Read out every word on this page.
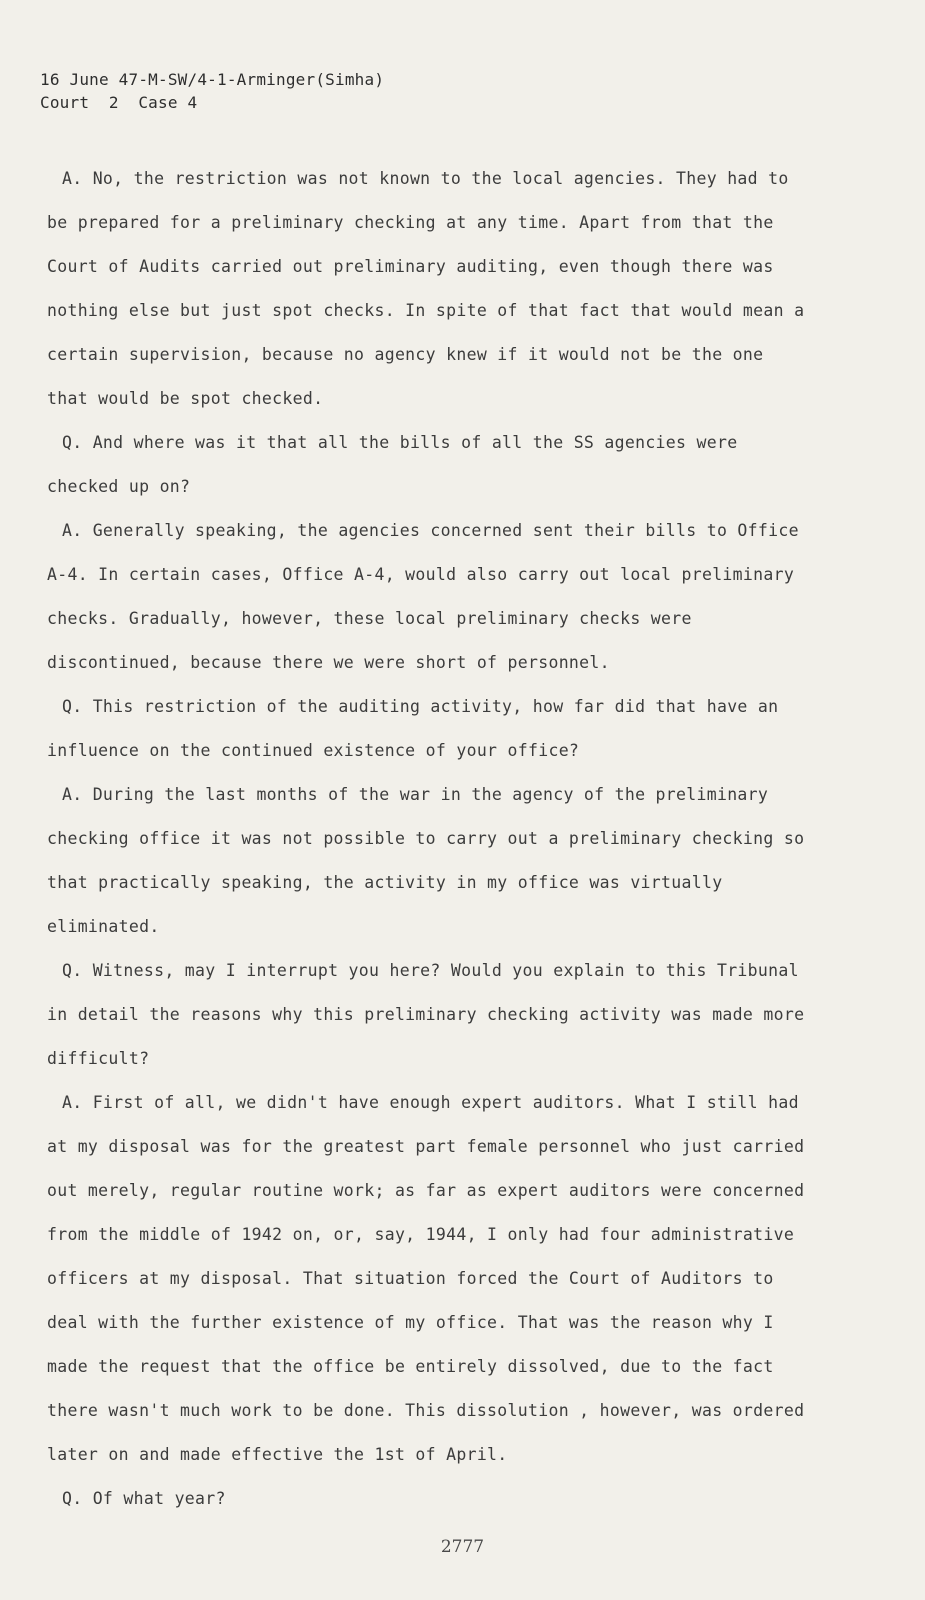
16 June 47-M-SW/4-1-Arminger(Simha)
Court  2  Case 4

A. No, the restriction was not known to the local agencies. They had to be prepared for a preliminary checking at any time. Apart from that the Court of Audits carried out preliminary auditing, even though there was nothing else but just spot checks. In spite of that fact that would mean a certain supervision, because no agency knew if it would not be the one that would be spot checked.

Q. And where was it that all the bills of all the SS agencies were checked up on?

A. Generally speaking, the agencies concerned sent their bills to Office A-4. In certain cases, Office A-4, would also carry out local preliminary checks. Gradually, however, these local preliminary checks were discontinued, because there we were short of personnel.

Q. This restriction of the auditing activity, how far did that have an influence on the continued existence of your office?

A. During the last months of the war in the agency of the preliminary checking office it was not possible to carry out a preliminary checking so that practically speaking, the activity in my office was virtually eliminated.

Q. Witness, may I interrupt you here? Would you explain to this Tribunal in detail the reasons why this preliminary checking activity was made more difficult?

A. First of all, we didn't have enough expert auditors. What I still had at my disposal was for the greatest part female personnel who just carried out merely, regular routine work; as far as expert auditors were concerned from the middle of 1942 on, or, say, 1944, I only had four administrative officers at my disposal. That situation forced the Court of Auditors to deal with the further existence of my office. That was the reason why I made the request that the office be entirely dissolved, due to the fact there wasn't much work to be done. This dissolution , however, was ordered later on and made effective the 1st of April.

Q. Of what year?

2777
